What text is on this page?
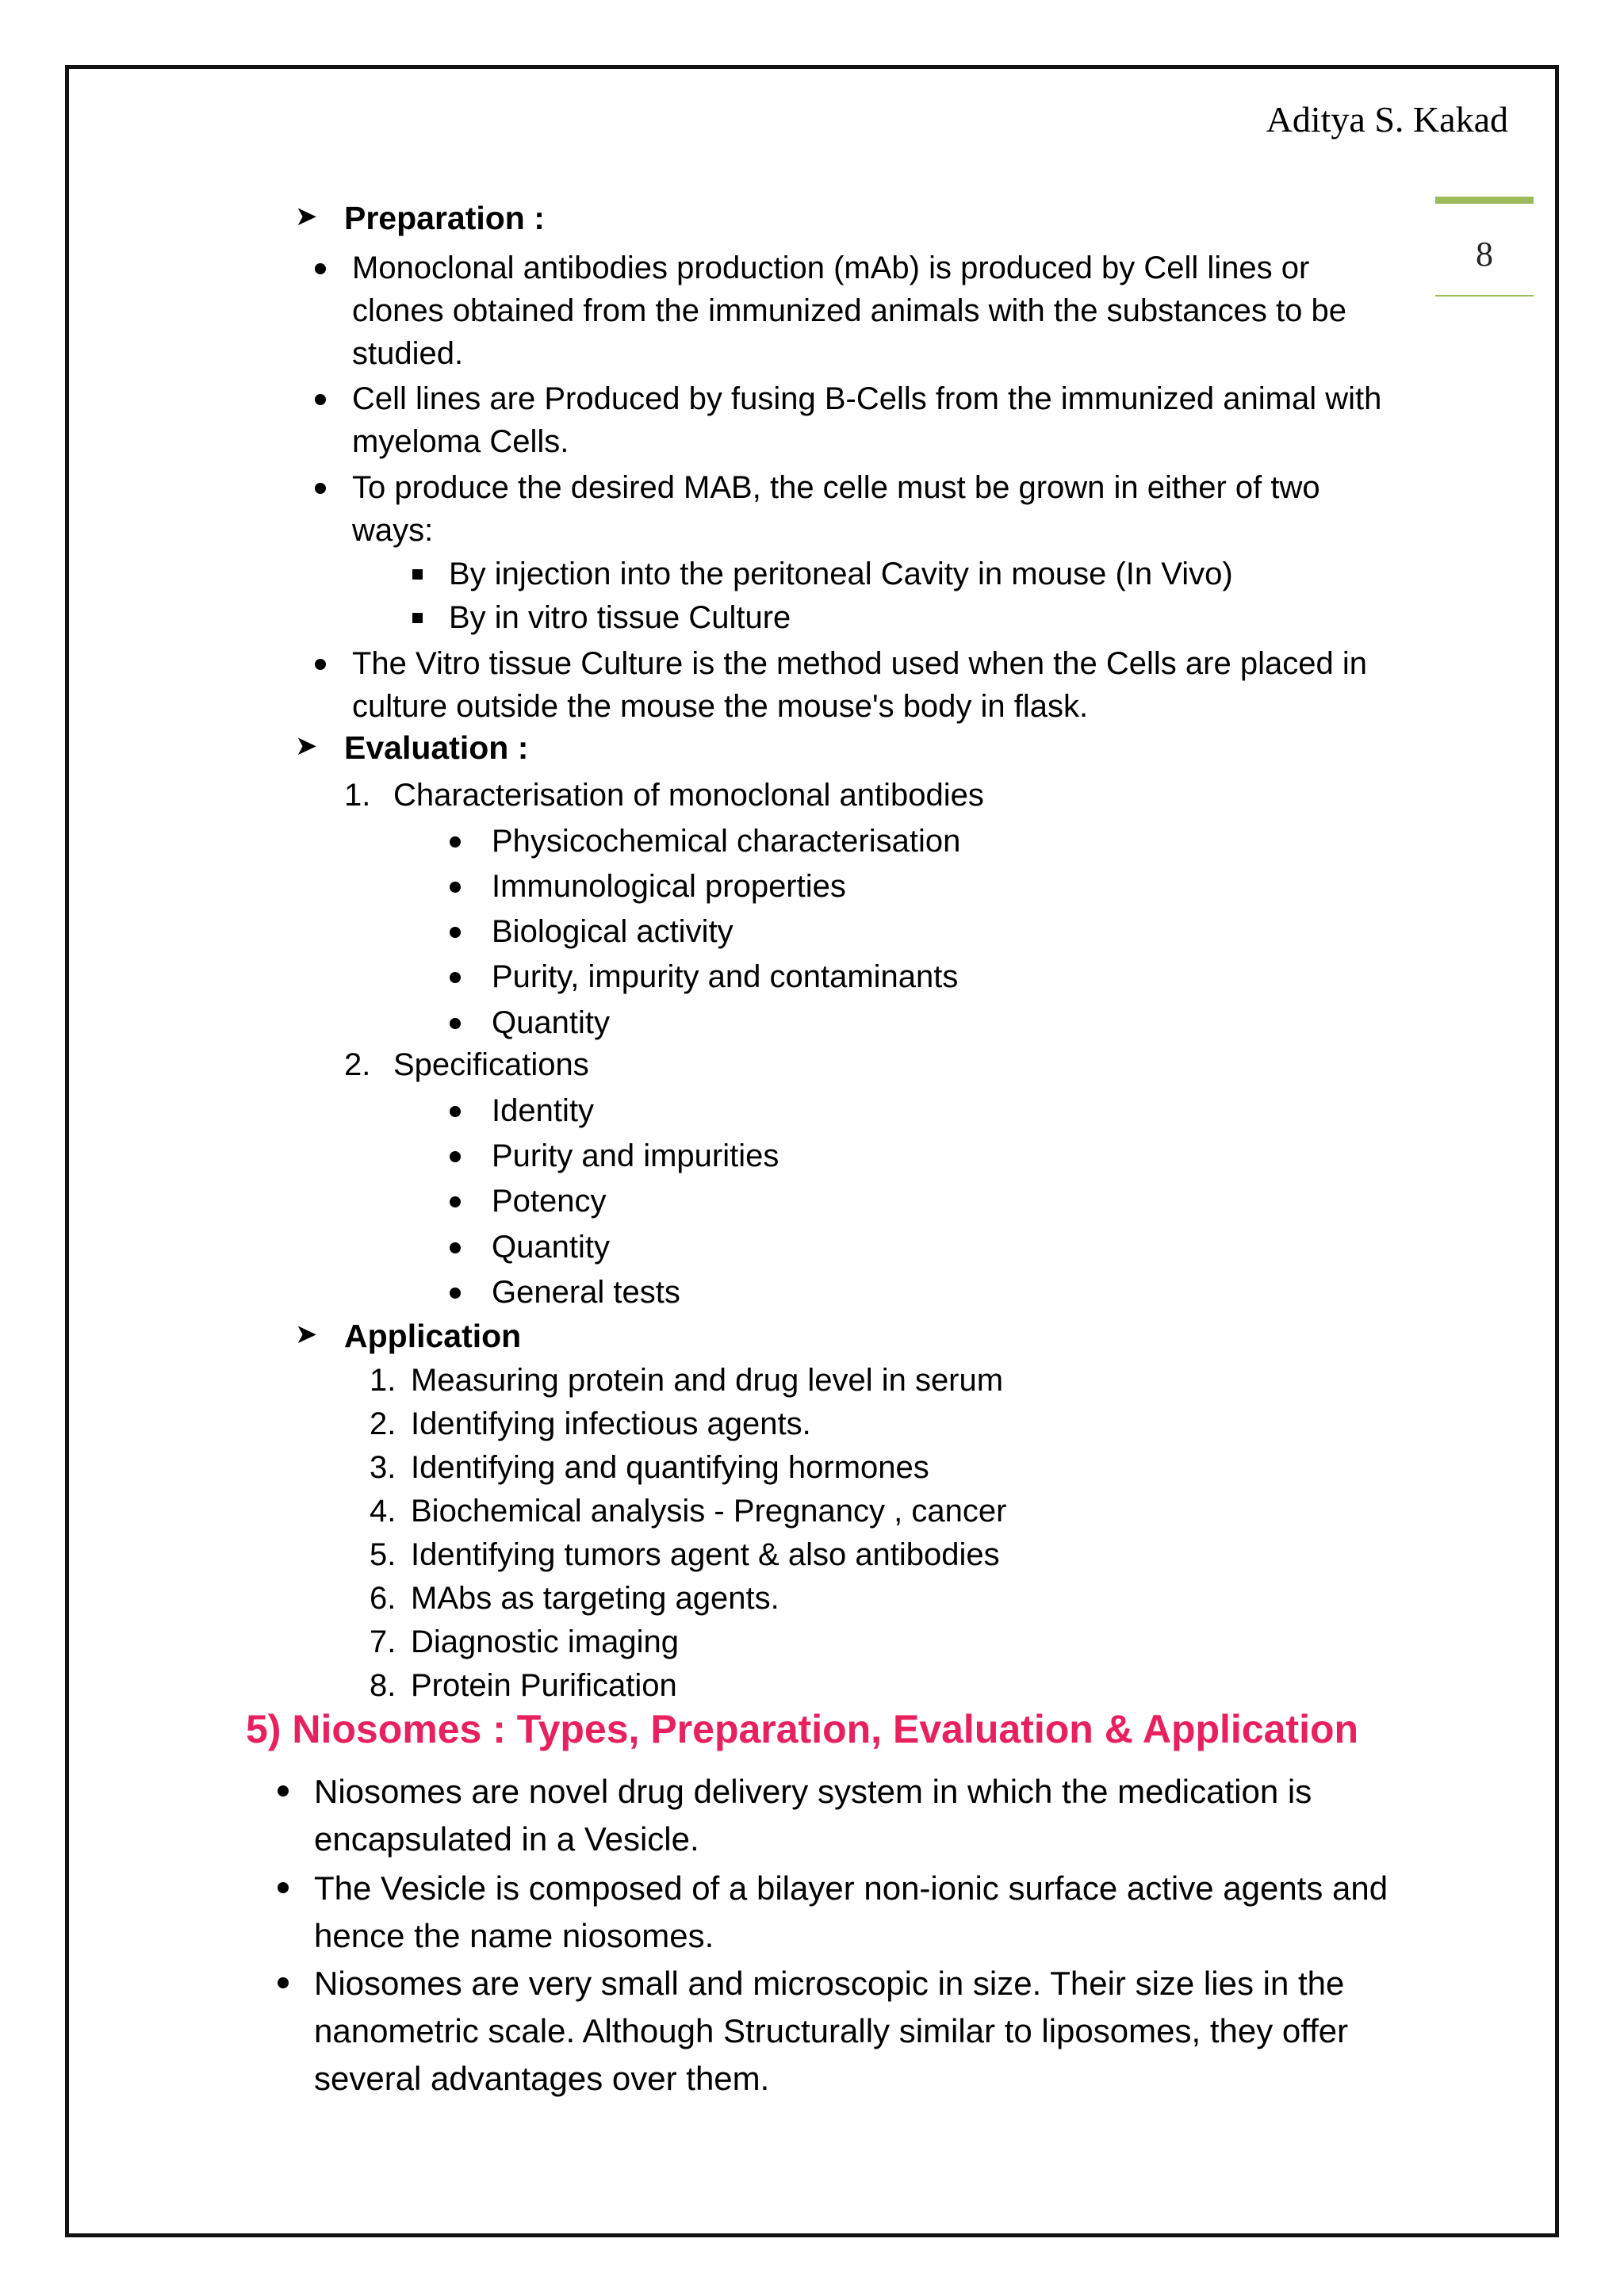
Aditya S. Kakad
8
➤ Preparation :
Monoclonal antibodies production (mAb) is produced by Cell lines or
clones obtained from the immunized animals with the substances to be
studied.
Cell lines are Produced by fusing B-Cells from the immunized animal with
myeloma Cells.
To produce the desired MAB, the celle must be grown in either of two
ways:
By injection into the peritoneal Cavity in mouse (In Vivo)
By in vitro tissue Culture
The Vitro tissue Culture is the method used when the Cells are placed in
culture outside the mouse the mouse's body in flask.
➤ Evaluation :
1. Characterisation of monoclonal antibodies
Physicochemical characterisation
Immunological properties
Biological activity
Purity, impurity and contaminants
Quantity
2. Specifications
Identity
Purity and impurities
Potency
Quantity
General tests
➤ Application
1. Measuring protein and drug level in serum
2. Identifying infectious agents.
3. Identifying and quantifying hormones
4. Biochemical analysis - Pregnancy , cancer
5. Identifying tumors agent & also antibodies
6. MAbs as targeting agents.
7. Diagnostic imaging
8. Protein Purification
5) Niosomes : Types, Preparation, Evaluation & Application
Niosomes are novel drug delivery system in which the medication is
encapsulated in a Vesicle.
The Vesicle is composed of a bilayer non-ionic surface active agents and
hence the name niosomes.
Niosomes are very small and microscopic in size. Their size lies in the
nanometric scale. Although Structurally similar to liposomes, they offer
several advantages over them.
